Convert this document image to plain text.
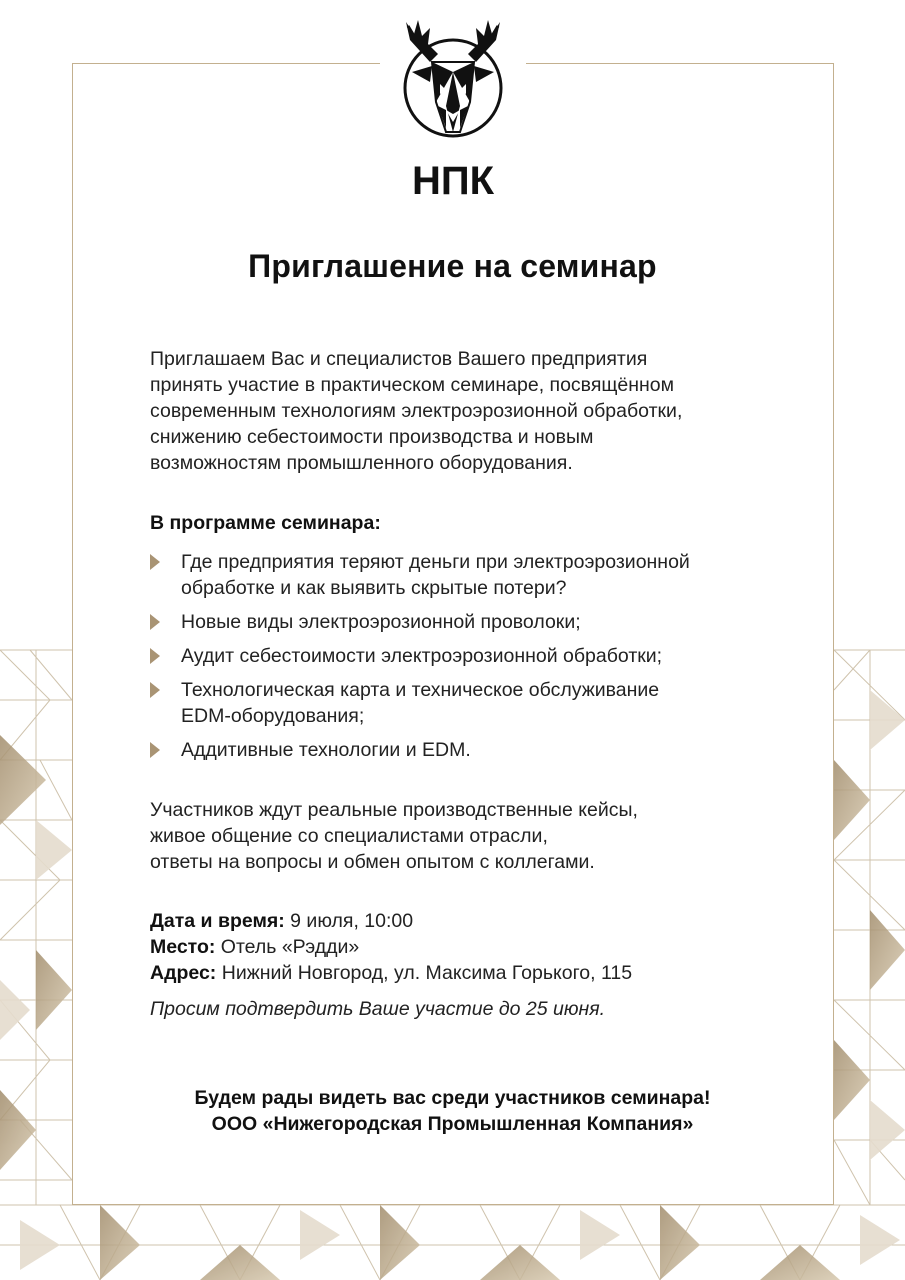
НПК
Приглашение на семинар
Приглашаем Вас и специалистов Вашего предприятия
принять участие в практическом семинаре, посвящённом
современным технологиям электроэрозионной обработки,
снижению себестоимости производства и новым
возможностям промышленного оборудования.
В программе семинара:
Где предприятия теряют деньги при электроэрозионной
обработке и как выявить скрытые потери?
Новые виды электроэрозионной проволоки;
Аудит себестоимости электроэрозионной обработки;
Технологическая карта и техническое обслуживание
EDM-оборудования;
Аддитивные технологии и EDM.
Участников ждут реальные производственные кейсы,
живое общение со специалистами отрасли,
ответы на вопросы и обмен опытом с коллегами.
Дата и время: 9 июля, 10:00
Место: Отель «Рэдди»
Адрес: Нижний Новгород, ул. Максима Горького, 115
Просим подтвердить Ваше участие до 25 июня.
Будем рады видеть вас среди участников семинара!
ООО «Нижегородская Промышленная Компания»
